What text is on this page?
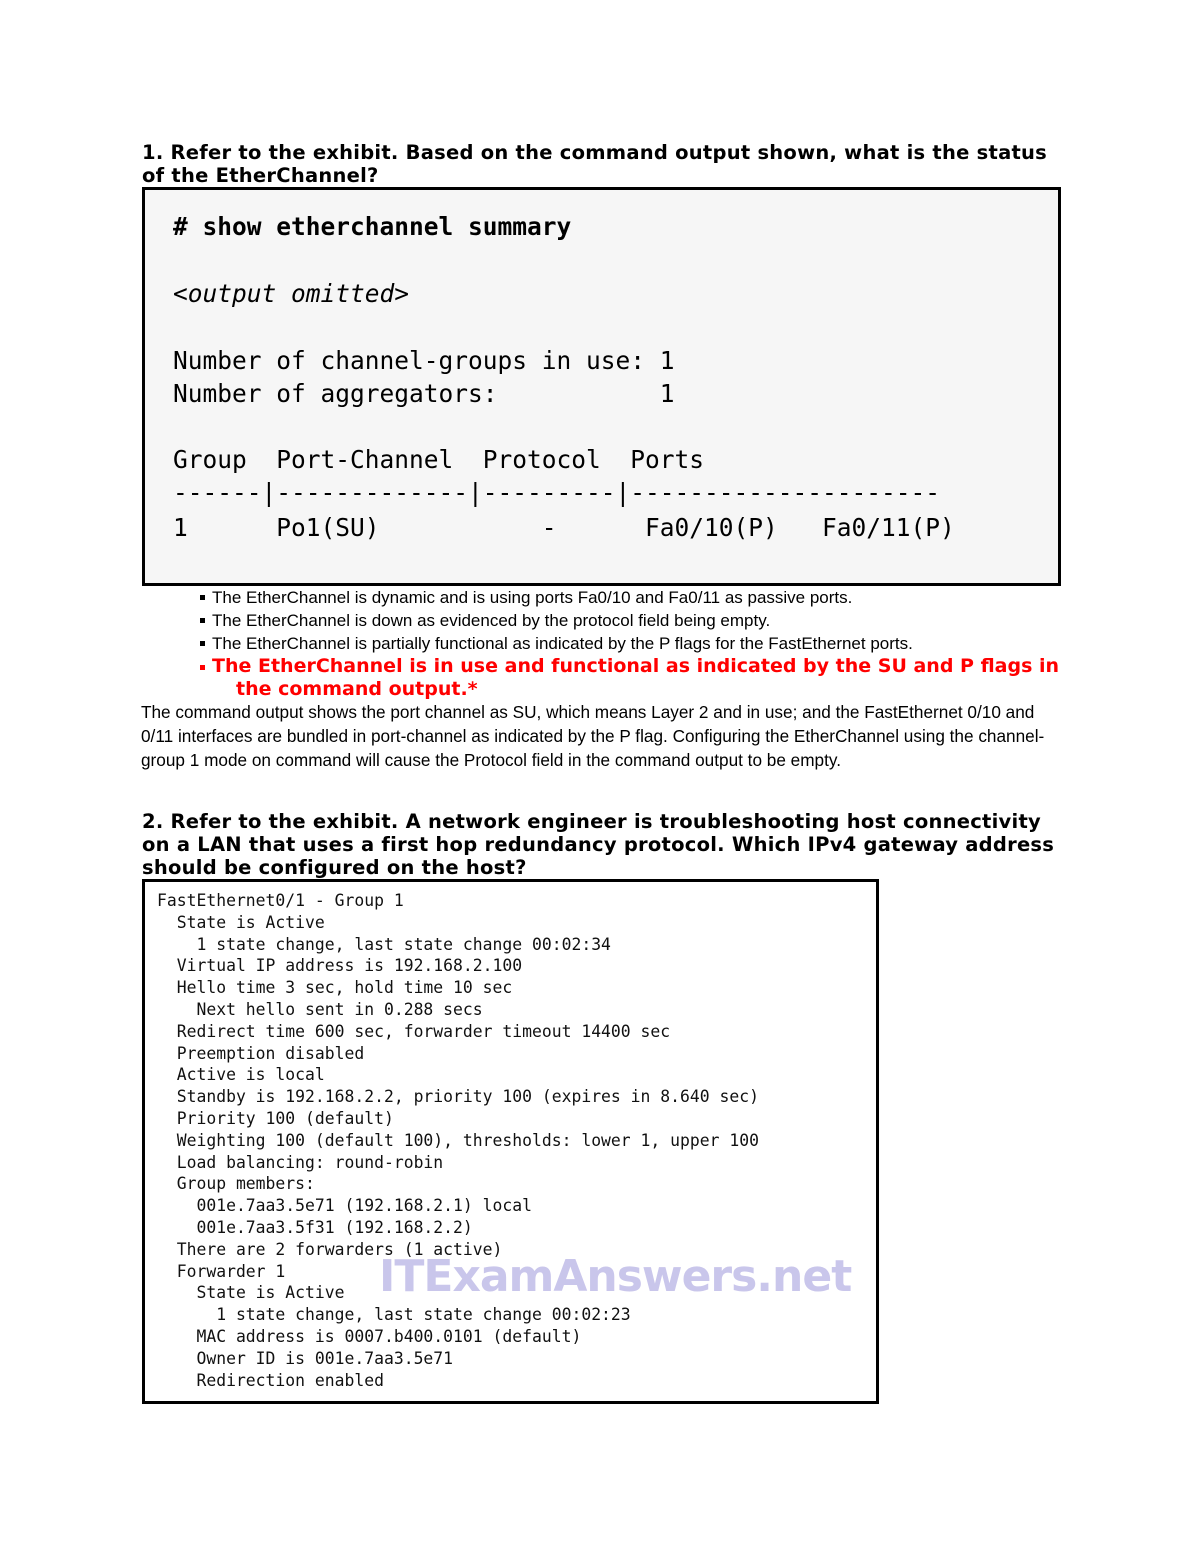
1. Refer to the exhibit. Based on the command output shown, what is the status of the EtherChannel?

# show etherchannel summary

<output omitted>

Number of channel-groups in use: 1

Number of aggregators:           1

Group  Port-Channel  Protocol  Ports

------|-------------|---------|---------------------

1      Po1(SU)           -      Fa0/10(P)   Fa0/11(P)

The EtherChannel is dynamic and is using ports Fa0/10 and Fa0/11 as passive ports.
The EtherChannel is down as evidenced by the protocol field being empty.
The EtherChannel is partially functional as indicated by the P flags for the FastEthernet ports.
The EtherChannel is in use and functional as indicated by the SU and P flags in the command output.*

The command output shows the port channel as SU, which means Layer 2 and in use; and the FastEthernet 0/10 and 0/11 interfaces are bundled in port-channel as indicated by the P flag. Configuring the EtherChannel using the channel-group 1 mode on command will cause the Protocol field in the command output to be empty.

2. Refer to the exhibit. A network engineer is troubleshooting host connectivity on a LAN that uses a first hop redundancy protocol. Which IPv4 gateway address should be configured on the host?

FastEthernet0/1 - Group 1
State is Active
1 state change, last state change 00:02:34
Virtual IP address is 192.168.2.100
Hello time 3 sec, hold time 10 sec
Next hello sent in 0.288 secs
Redirect time 600 sec, forwarder timeout 14400 sec
Preemption disabled
Active is local
Standby is 192.168.2.2, priority 100 (expires in 8.640 sec)
Priority 100 (default)
Weighting 100 (default 100), thresholds: lower 1, upper 100
Load balancing: round-robin
Group members:
001e.7aa3.5e71 (192.168.2.1) local
001e.7aa3.5f31 (192.168.2.2)
There are 2 forwarders (1 active)
Forwarder 1
State is Active
1 state change, last state change 00:02:23
MAC address is 0007.b400.0101 (default)
Owner ID is 001e.7aa3.5e71
Redirection enabled
ITExamAnswers.net
